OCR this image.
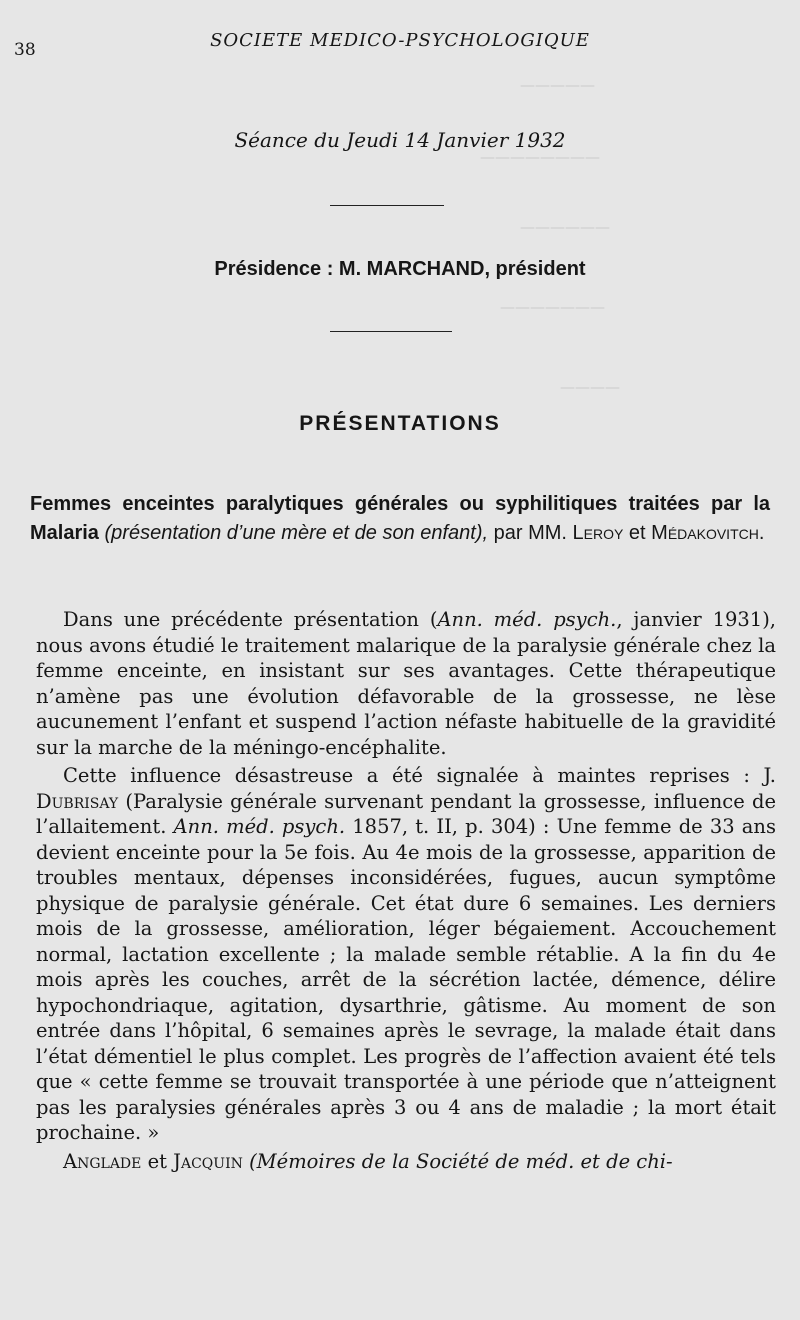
—————
————————
——————
———————
————
38	SOCIETE MEDICO-PSYCHOLOGIQUE
Séance du Jeudi 14 Janvier 1932
Présidence : M. MARCHAND, président
PRÉSENTATIONS
Femmes enceintes paralytiques générales ou syphilitiques traitées par la Malaria (présentation d’une mère et de son enfant), par MM. Leroy et Médakovitch.

Dans une précédente présentation (Ann. méd. psych., janvier 1931), nous avons étudié le traitement malarique de la paralysie générale chez la femme enceinte, en insistant sur ses avantages. Cette thérapeutique n’amène pas une évolution défavorable de la grossesse, ne lèse aucunement l’enfant et suspend l’action néfaste habituelle de la gravidité sur la marche de la méningo-encéphalite.

Cette influence désastreuse a été signalée à maintes reprises : J. Dubrisay (Paralysie générale survenant pendant la grossesse, influence de l’allaitement. Ann. méd. psych. 1857, t. II, p. 304) : Une femme de 33 ans devient enceinte pour la 5e fois. Au 4e mois de la grossesse, apparition de troubles mentaux, dépenses inconsidérées, fugues, aucun symptôme physique de paralysie générale. Cet état dure 6 semaines. Les derniers mois de la grossesse, amélioration, léger bégaiement. Accouchement normal, lactation excellente ; la malade semble rétablie. A la fin du 4e mois après les couches, arrêt de la sécrétion lactée, démence, délire hypochondriaque, agitation, dysarthrie, gâtisme. Au moment de son entrée dans l’hôpital, 6 semaines après le sevrage, la malade était dans l’état démentiel le plus complet. Les progrès de l’affection avaient été tels que « cette femme se trouvait transportée à une période que n’atteignent pas les paralysies générales après 3 ou 4 ans de maladie ; la mort était prochaine. »

Anglade et Jacquin (Mémoires de la Société de méd. et de chi-
